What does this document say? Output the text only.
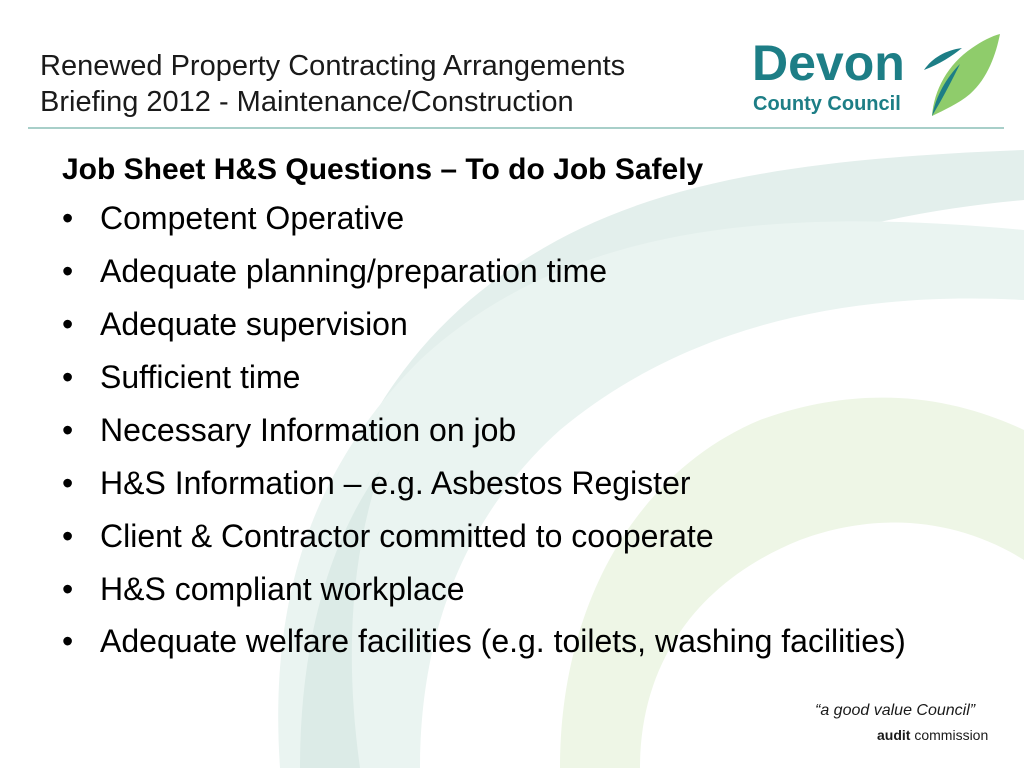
Renewed Property Contracting Arrangements
Briefing 2012 - Maintenance/Construction
Devon
County Council
Job Sheet H&S Questions – To do Job Safely
• Competent Operative
• Adequate planning/preparation time
• Adequate supervision
• Sufficient time
• Necessary Information on job
• H&S Information – e.g. Asbestos Register
• Client & Contractor committed to cooperate
• H&S compliant workplace
• Adequate welfare facilities (e.g. toilets, washing facilities)
“a good value Council”
audit commission
